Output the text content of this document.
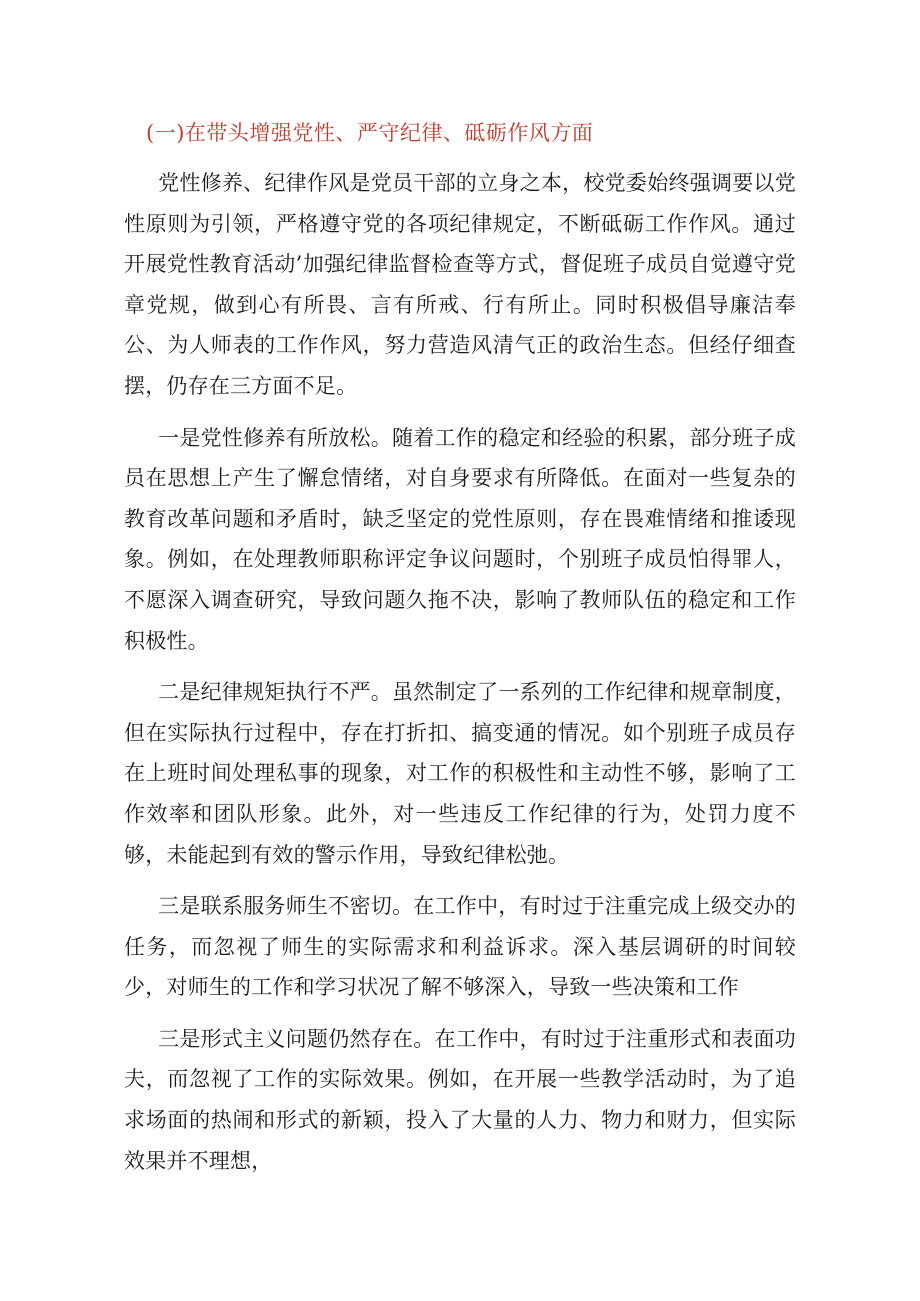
(一)在带头增强党性、严守纪律、砥砺作风方面

党性修养、纪律作风是党员干部的立身之本，校党委始终强调要以党性原则为引领，严格遵守党的各项纪律规定，不断砥砺工作作风。通过开展党性教育活动’加强纪律监督检查等方式，督促班子成员自觉遵守党章党规，做到心有所畏、言有所戒、行有所止。同时积极倡导廉洁奉公、为人师表的工作作风，努力营造风清气正的政治生态。但经仔细查摆，仍存在三方面不足。

一是党性修养有所放松。随着工作的稳定和经验的积累，部分班子成员在思想上产生了懈怠情绪，对自身要求有所降低。在面对一些复杂的教育改革问题和矛盾时，缺乏坚定的党性原则，存在畏难情绪和推诿现象。例如，在处理教师职称评定争议问题时，个别班子成员怕得罪人，不愿深入调查研究，导致问题久拖不决，影响了教师队伍的稳定和工作积极性。

二是纪律规矩执行不严。虽然制定了一系列的工作纪律和规章制度，但在实际执行过程中，存在打折扣、搞变通的情况。如个别班子成员存在上班时间处理私事的现象，对工作的积极性和主动性不够，影响了工作效率和团队形象。此外，对一些违反工作纪律的行为，处罚力度不够，未能起到有效的警示作用，导致纪律松弛。

三是联系服务师生不密切。在工作中，有时过于注重完成上级交办的任务，而忽视了师生的实际需求和利益诉求。深入基层调研的时间较少，对师生的工作和学习状况了解不够深入，导致一些决策和工作

三是形式主义问题仍然存在。在工作中，有时过于注重形式和表面功夫，而忽视了工作的实际效果。例如，在开展一些教学活动时，为了追求场面的热闹和形式的新颖，投入了大量的人力、物力和财力，但实际效果并不理想，
